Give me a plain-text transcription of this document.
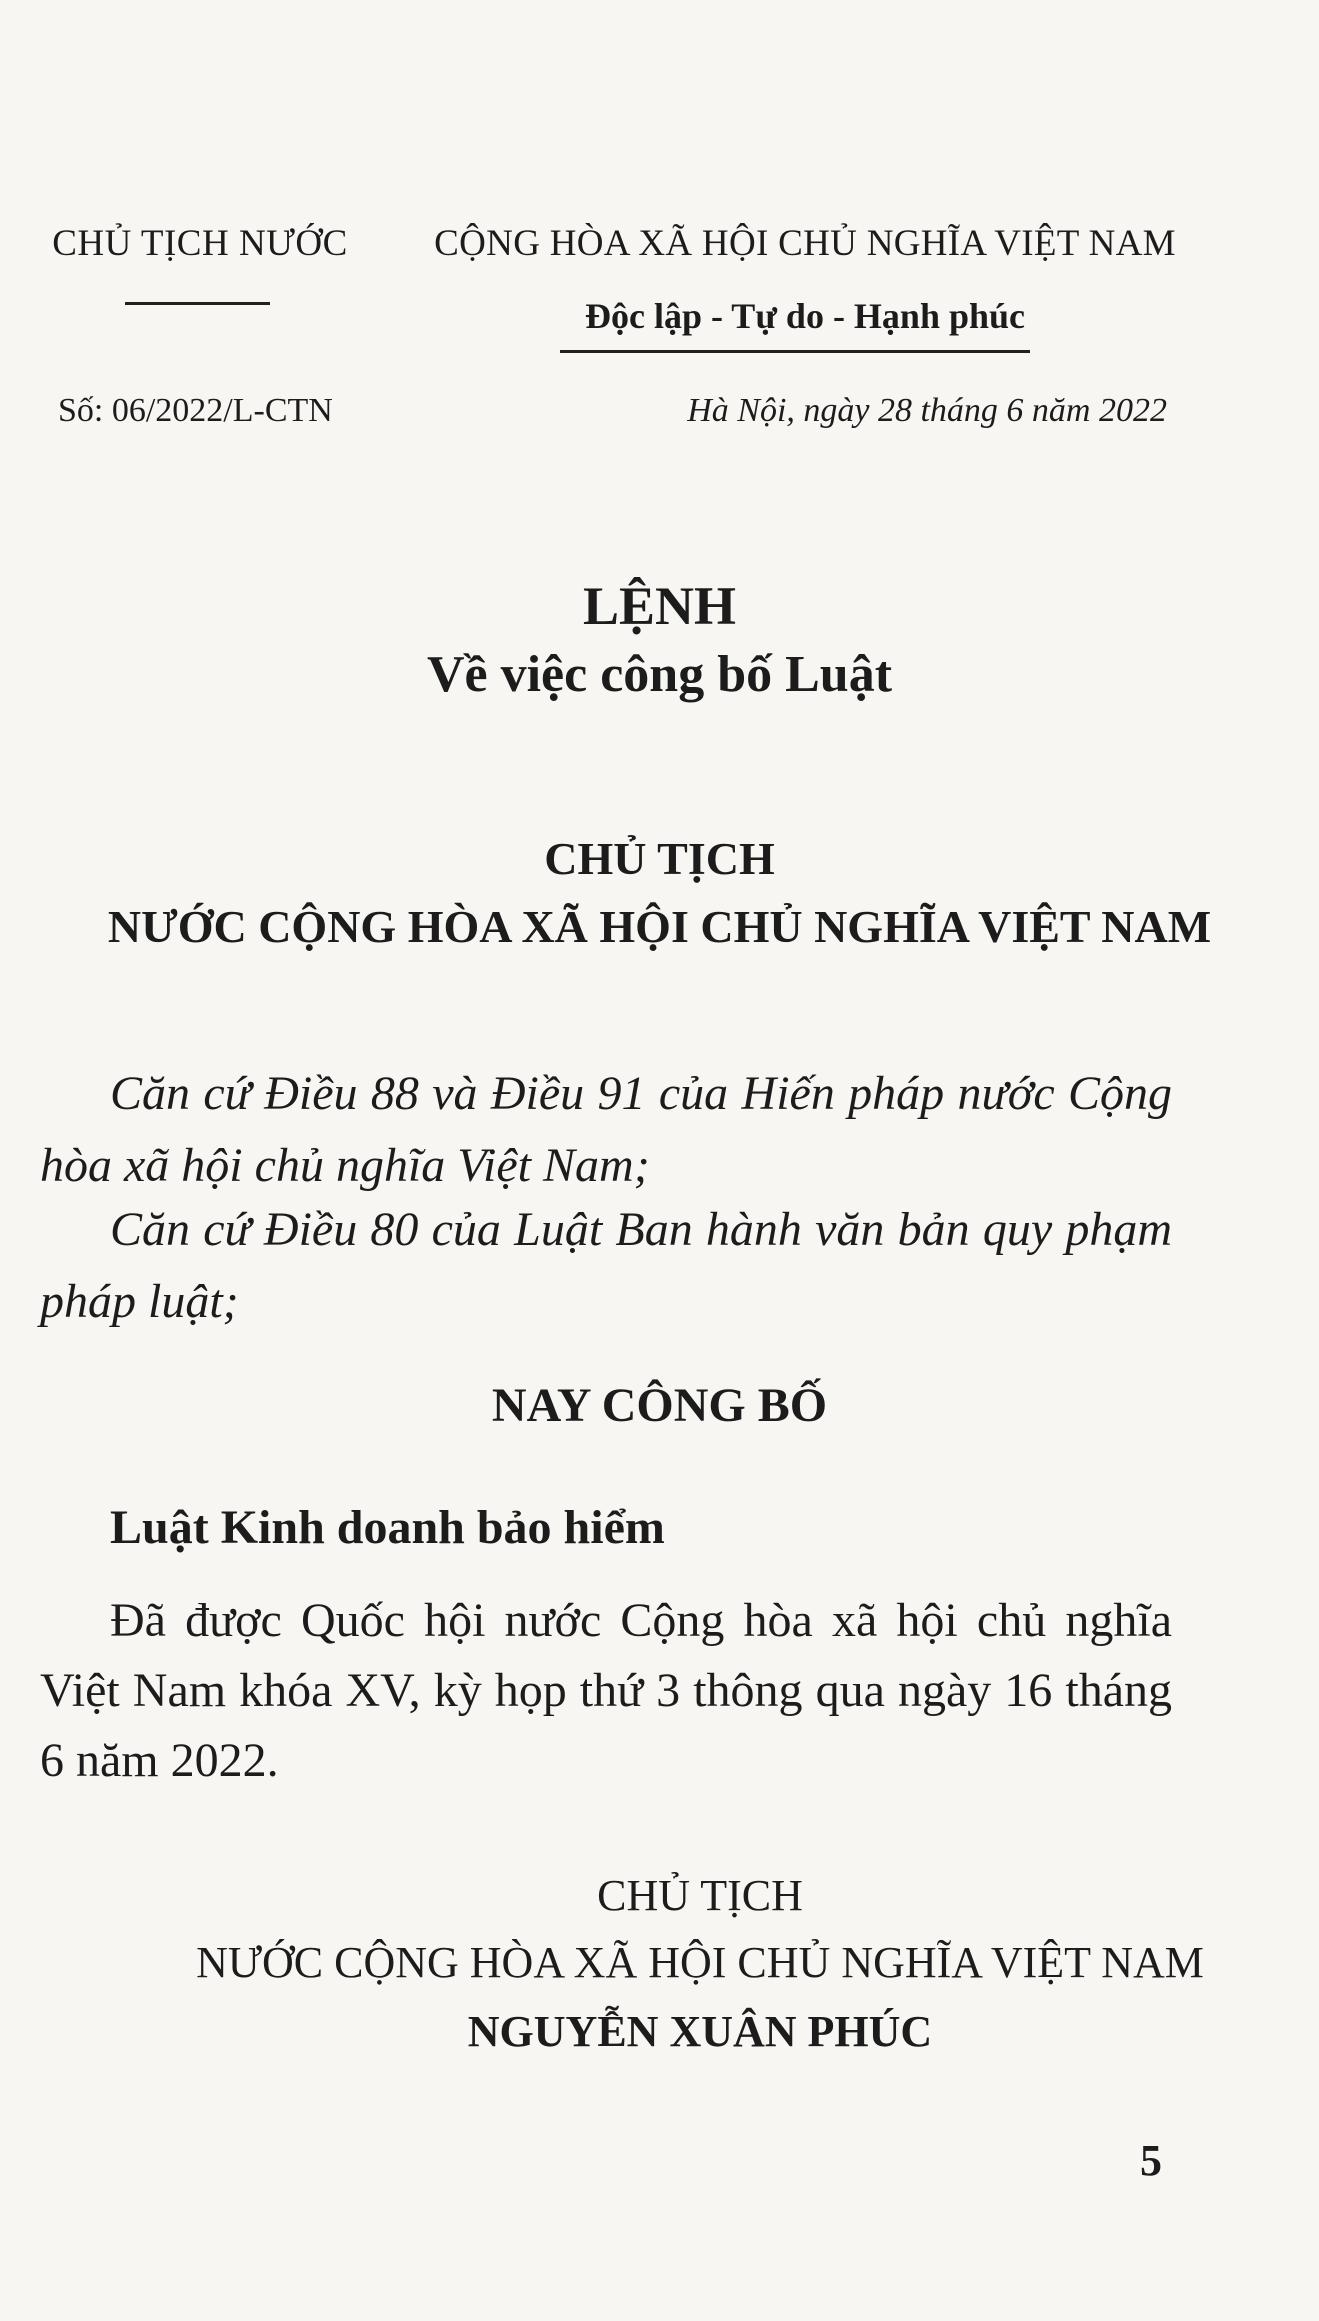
CHỦ TỊCH NƯỚC	CỘNG HÒA XÃ HỘI CHỦ NGHĨA VIỆT NAM
Độc lập - Tự do - Hạnh phúc
Số: 06/2022/L-CTN	Hà Nội, ngày 28 tháng 6 năm 2022
LỆNH
Về việc công bố Luật
CHỦ TỊCH
NƯỚC CỘNG HÒA XÃ HỘI CHỦ NGHĨA VIỆT NAM
Căn cứ Điều 88 và Điều 91 của Hiến pháp nước Cộng hòa xã hội chủ nghĩa Việt Nam;
Căn cứ Điều 80 của Luật Ban hành văn bản quy phạm pháp luật;
NAY CÔNG BỐ
Luật Kinh doanh bảo hiểm
Đã được Quốc hội nước Cộng hòa xã hội chủ nghĩa Việt Nam khóa XV, kỳ họp thứ 3 thông qua ngày 16 tháng 6 năm 2022.
CHỦ TỊCH
NƯỚC CỘNG HÒA XÃ HỘI CHỦ NGHĨA VIỆT NAM
NGUYỄN XUÂN PHÚC
5
